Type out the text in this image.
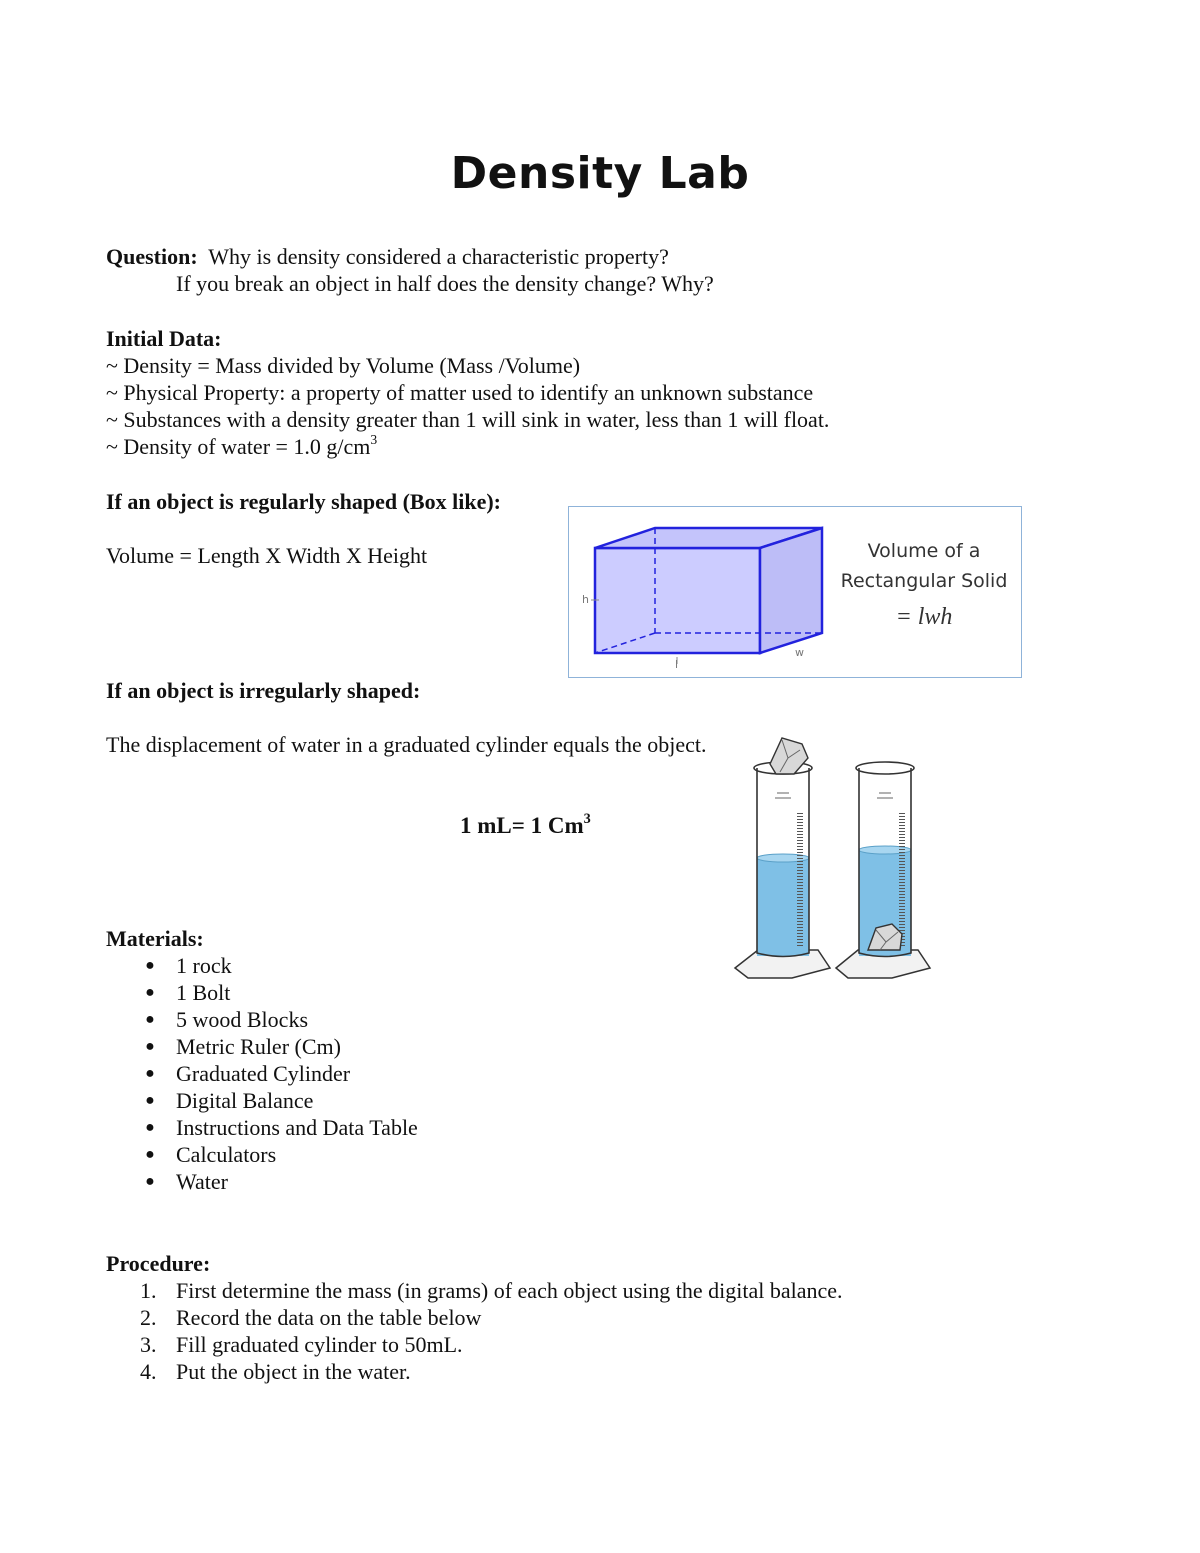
Density Lab
Question: Why is density considered a characteristic property?
If you break an object in half does the density change? Why?
Initial Data:
~ Density = Mass divided by Volume (Mass /Volume)
~ Physical Property: a property of matter used to identify an unknown substance
~ Substances with a density greater than 1 will sink in water, less than 1 will float.
~ Density of water = 1.0 $g/cm^3$
If an object is regularly shaped (Box like):
Volume = Length X Width X Height
h
l
w
Volume of a
Rectangular Solid
= lwh
If an object is irregularly shaped:
The displacement of water in a graduated cylinder equals the object.
1 mL= 1 Cm$^3$
Materials:
● 1 rock
● 1 Bolt
● 5 wood Blocks
● Metric Ruler (Cm)
● Graduated Cylinder
● Digital Balance
● Instructions and Data Table
● Calculators
● Water
Procedure:
1. First determine the mass (in grams) of each object using the digital balance.
2. Record the data on the table below
3. Fill graduated cylinder to 50mL.
4. Put the object in the water.
